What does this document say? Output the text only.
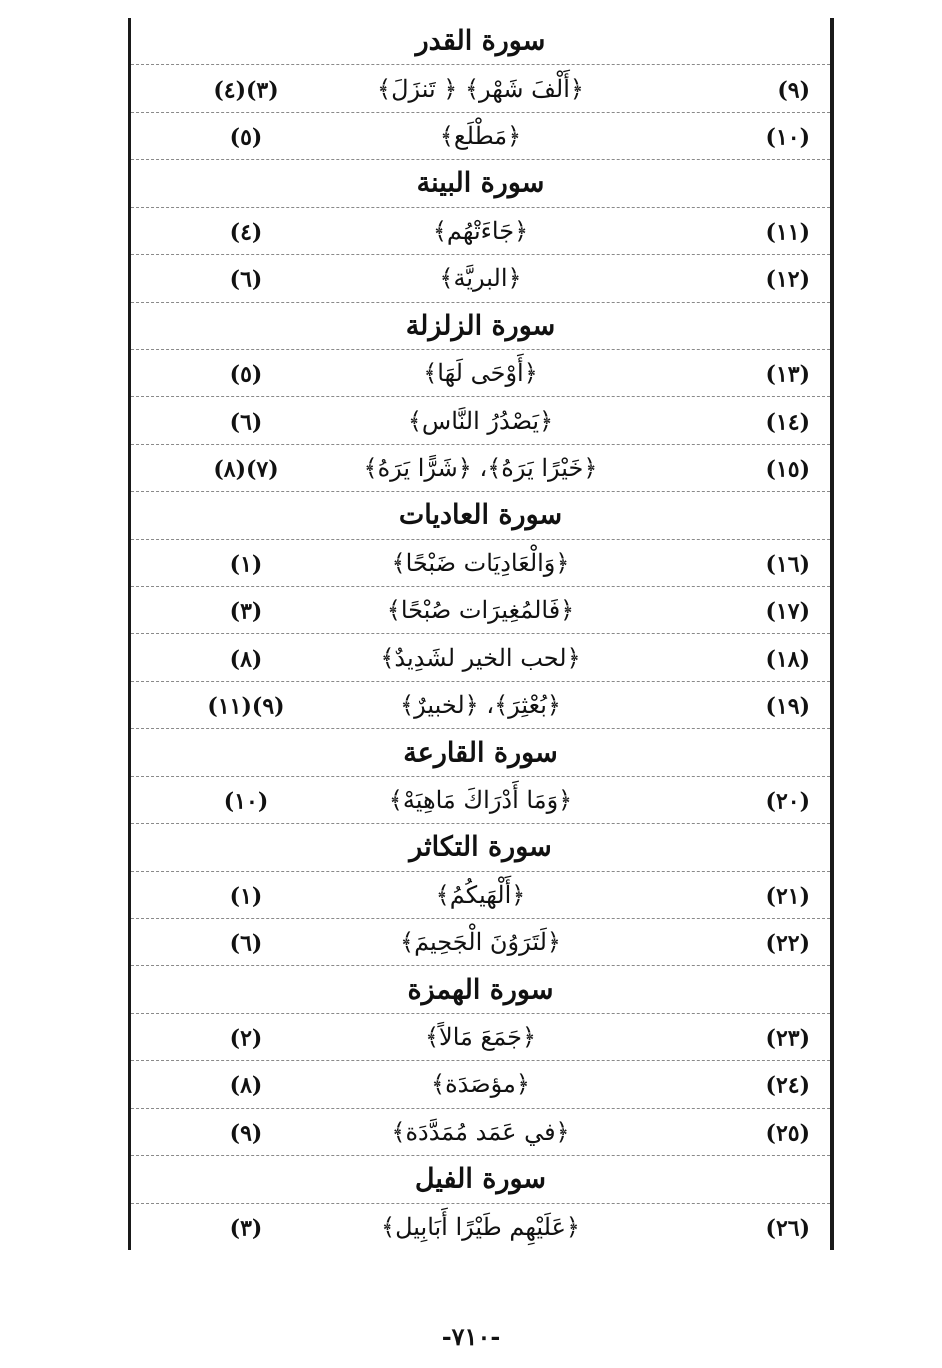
سورة القدر
(٩)
﴿أَلْفَ شَهْر﴾ ﴿ تَنزَلَ﴾
(٣)(٤)
(١٠)
﴿مَطْلَع﴾
(٥)
سورة البينة
(١١)
﴿جَاءَتْهُم﴾
(٤)
(١٢)
﴿البريَّة﴾
(٦)
سورة الزلزلة
(١٣)
﴿أَوْحَى لَهَا﴾
(٥)
(١٤)
﴿يَصْدُرُ النَّاس﴾
(٦)
(١٥)
﴿خَيْرًا يَرَهُ﴾، ﴿شَرًّا يَرَهُ﴾
(٧)(٨)
سورة العاديات
(١٦)
﴿وَالْعَادِيَات ضَبْحًا﴾
(١)
(١٧)
﴿فَالمُغِيرَات صُبْحًا﴾
(٣)
(١٨)
﴿لحب الخير لشَدِيدٌ﴾
(٨)
(١٩)
﴿بُعْثِرَ﴾، ﴿لخبيرٌ﴾
(٩)(١١)
سورة القارعة
(٢٠)
﴿وَمَا أَدْرَاكَ مَاهِيَهْ﴾
(١٠)
سورة التكاثر
(٢١)
﴿أَلْهَيكُمُ﴾
(١)
(٢٢)
﴿لَتَرَوُنَ الْجَحِيمَ﴾
(٦)
سورة الهمزة
(٢٣)
﴿جَمَعَ مَالاً﴾
(٢)
(٢٤)
﴿مؤصَدَة﴾
(٨)
(٢٥)
﴿في عَمَد مُمَدَّدَة﴾
(٩)
سورة الفيل
(٢٦)
﴿عَلَيْهِم طَيْرًا أَبَابِيل﴾
(٣)
-٧١٠-
